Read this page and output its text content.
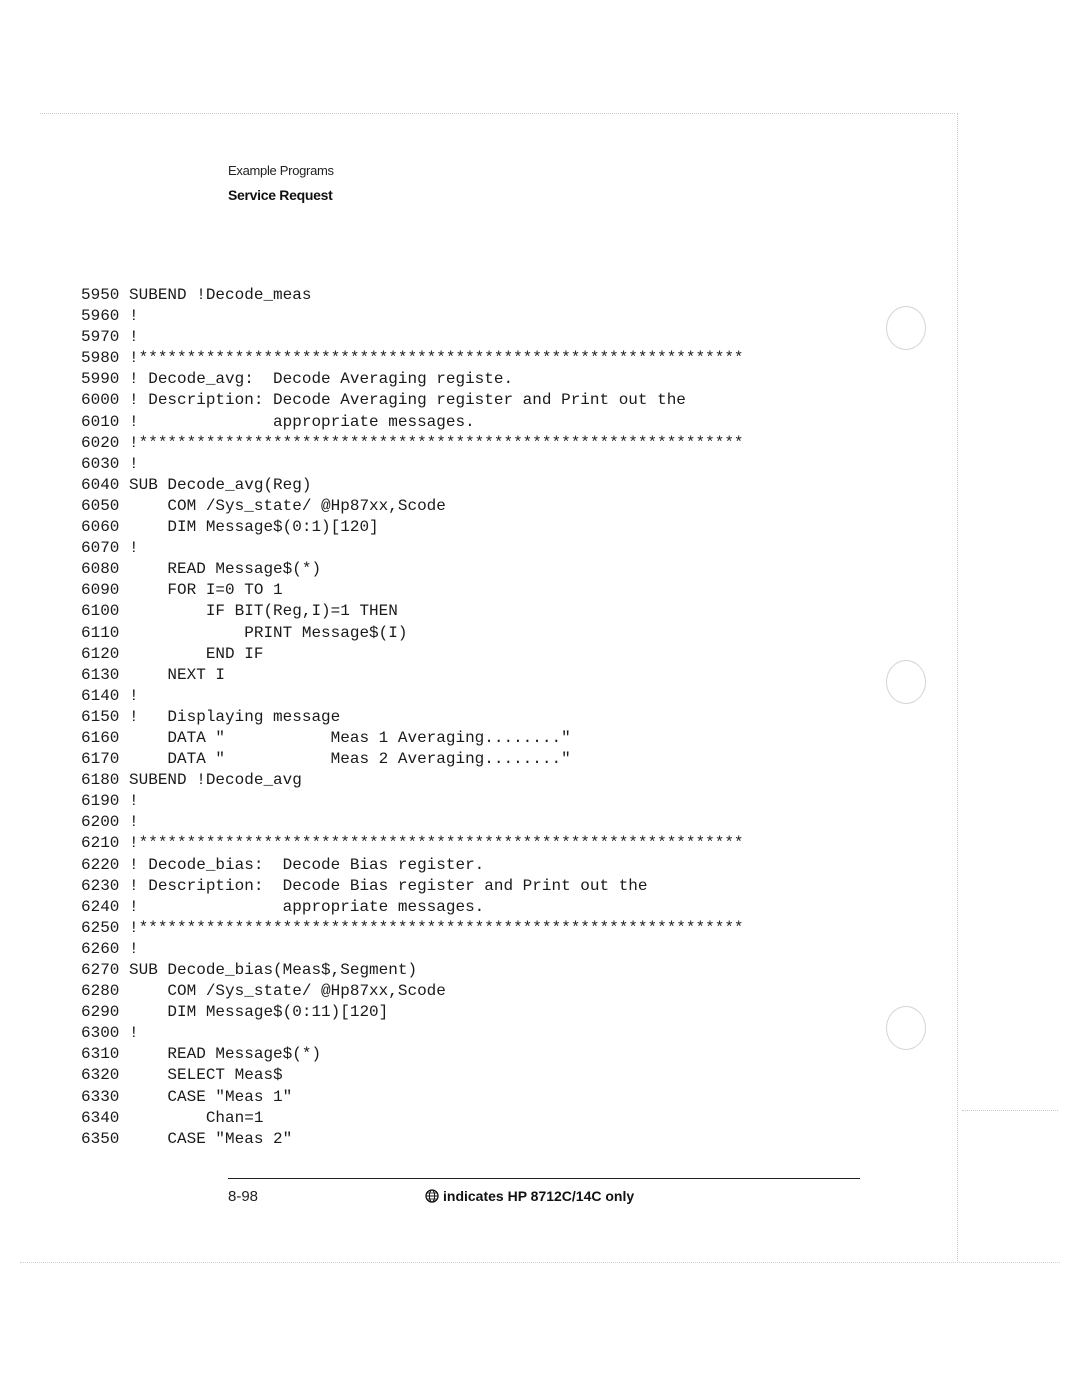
Example Programs
Service Request
5950 SUBEND !Decode_meas
5960 !
5970 !
5980 !***************************************************************
5990 ! Decode_avg:  Decode Averaging registe.
6000 ! Description: Decode Averaging register and Print out the
6010 !              appropriate messages.
6020 !***************************************************************
6030 !
6040 SUB Decode_avg(Reg)
6050     COM /Sys_state/ @Hp87xx,Scode
6060     DIM Message$(0:1)[120]
6070 !
6080     READ Message$(*)
6090     FOR I=0 TO 1
6100         IF BIT(Reg,I)=1 THEN
6110             PRINT Message$(I)
6120         END IF
6130     NEXT I
6140 !
6150 !   Displaying message
6160     DATA "           Meas 1 Averaging........"
6170     DATA "           Meas 2 Averaging........"
6180 SUBEND !Decode_avg
6190 !
6200 !
6210 !***************************************************************
6220 ! Decode_bias:  Decode Bias register.
6230 ! Description:  Decode Bias register and Print out the
6240 !               appropriate messages.
6250 !***************************************************************
6260 !
6270 SUB Decode_bias(Meas$,Segment)
6280     COM /Sys_state/ @Hp87xx,Scode
6290     DIM Message$(0:11)[120]
6300 !
6310     READ Message$(*)
6320     SELECT Meas$
6330     CASE "Meas 1"
6340         Chan=1
6350     CASE "Meas 2"
8-98	indicates HP 8712C/14C only
